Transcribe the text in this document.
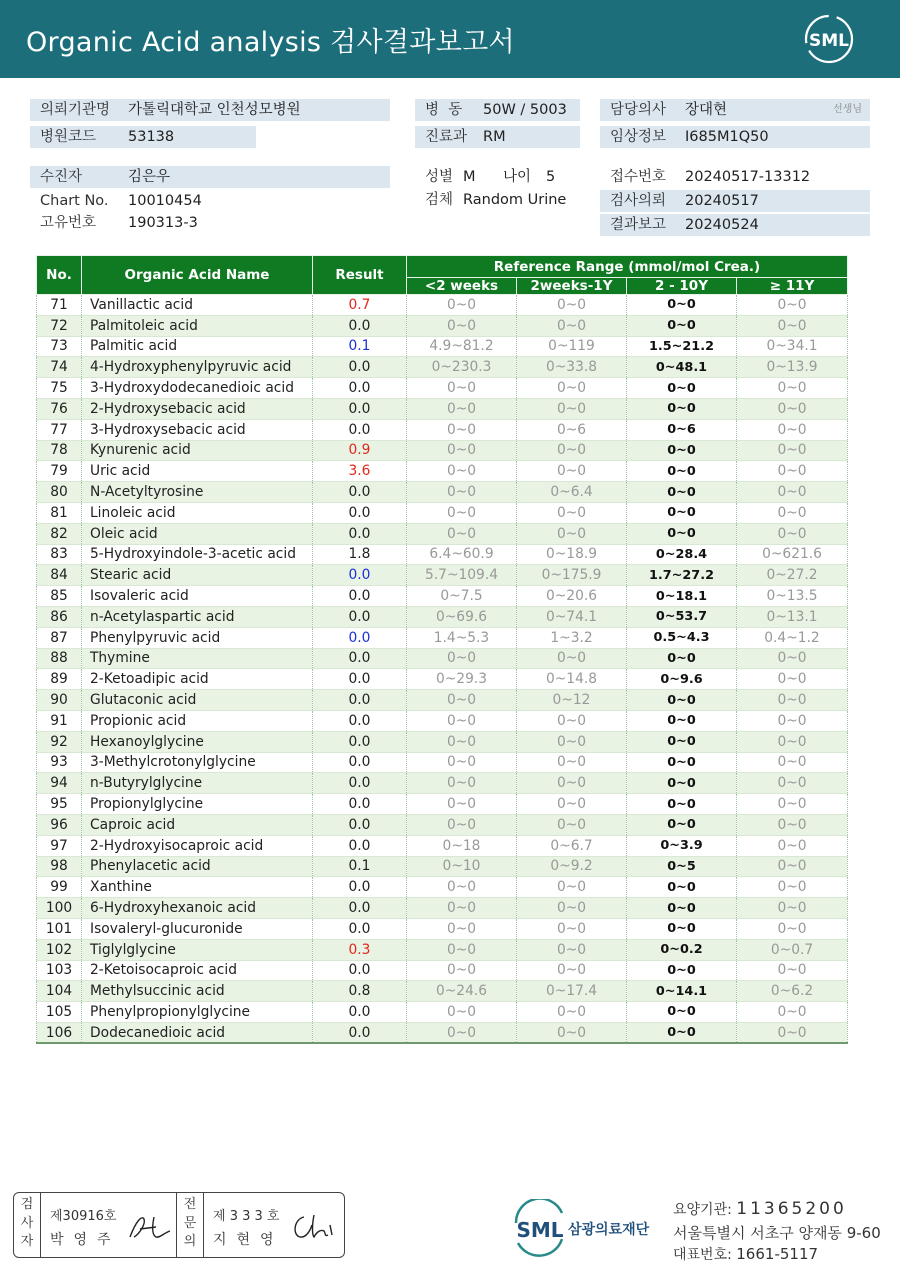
Organic Acid analysis 검사결과보고서	SML
의뢰기관명 가톨릭대학교 인천성모병원
병원코드 53138
병  동 50W / 5003
진료과 RM
담당의사 장대현	선생님
임상정보 I685M1Q50
수진자	김은우
Chart No. 10010454
고유번호 190313-3
성별 M 나이 5
검체 Random Urine
접수번호 20240517-13312
검사의뢰 20240517
결과보고 20240524
No.	Organic Acid Name	Result	Reference Range (mmol/mol Crea.)			
			<2 weeks	2weeks-1Y	2 - 10Y	≥ 11Y
71	Vanillactic acid	0.7	0~0	0~0	0~0	0~0
72	Palmitoleic acid	0.0	0~0	0~0	0~0	0~0
73	Palmitic acid	0.1	4.9~81.2	0~119	1.5~21.2	0~34.1
74	4-Hydroxyphenylpyruvic acid	0.0	0~230.3	0~33.8	0~48.1	0~13.9
75	3-Hydroxydodecanedioic acid	0.0	0~0	0~0	0~0	0~0
76	2-Hydroxysebacic acid	0.0	0~0	0~0	0~0	0~0
77	3-Hydroxysebacic acid	0.0	0~0	0~6	0~6	0~0
78	Kynurenic acid	0.9	0~0	0~0	0~0	0~0
79	Uric acid	3.6	0~0	0~0	0~0	0~0
80	N-Acetyltyrosine	0.0	0~0	0~6.4	0~0	0~0
81	Linoleic acid	0.0	0~0	0~0	0~0	0~0
82	Oleic acid	0.0	0~0	0~0	0~0	0~0
83	5-Hydroxyindole-3-acetic acid	1.8	6.4~60.9	0~18.9	0~28.4	0~621.6
84	Stearic acid	0.0	5.7~109.4	0~175.9	1.7~27.2	0~27.2
85	Isovaleric acid	0.0	0~7.5	0~20.6	0~18.1	0~13.5
86	n-Acetylaspartic acid	0.0	0~69.6	0~74.1	0~53.7	0~13.1
87	Phenylpyruvic acid	0.0	1.4~5.3	1~3.2	0.5~4.3	0.4~1.2
88	Thymine	0.0	0~0	0~0	0~0	0~0
89	2-Ketoadipic acid	0.0	0~29.3	0~14.8	0~9.6	0~0
90	Glutaconic acid	0.0	0~0	0~12	0~0	0~0
91	Propionic acid	0.0	0~0	0~0	0~0	0~0
92	Hexanoylglycine	0.0	0~0	0~0	0~0	0~0
93	3-Methylcrotonylglycine	0.0	0~0	0~0	0~0	0~0
94	n-Butyrylglycine	0.0	0~0	0~0	0~0	0~0
95	Propionylglycine	0.0	0~0	0~0	0~0	0~0
96	Caproic acid	0.0	0~0	0~0	0~0	0~0
97	2-Hydroxyisocaproic acid	0.0	0~18	0~6.7	0~3.9	0~0
98	Phenylacetic acid	0.1	0~10	0~9.2	0~5	0~0
99	Xanthine	0.0	0~0	0~0	0~0	0~0
100	6-Hydroxyhexanoic acid	0.0	0~0	0~0	0~0	0~0
101	Isovaleryl-glucuronide	0.0	0~0	0~0	0~0	0~0
102	Tiglylglycine	0.3	0~0	0~0	0~0.2	0~0.7
103	2-Ketoisocaproic acid	0.0	0~0	0~0	0~0	0~0
104	Methylsuccinic acid	0.8	0~24.6	0~17.4	0~14.1	0~6.2
105	Phenylpropionylglycine	0.0	0~0	0~0	0~0	0~0
106	Dodecanedioic acid	0.0	0~0	0~0	0~0	0~0
검
사
자
제30916호
박영주
전
문
의
제 3 3 3 호
지현영	SML 삼광의료재단
요양기관: 11365200
서울특별시 서초구 양재동 9-60
대표번호: 1661-5117
